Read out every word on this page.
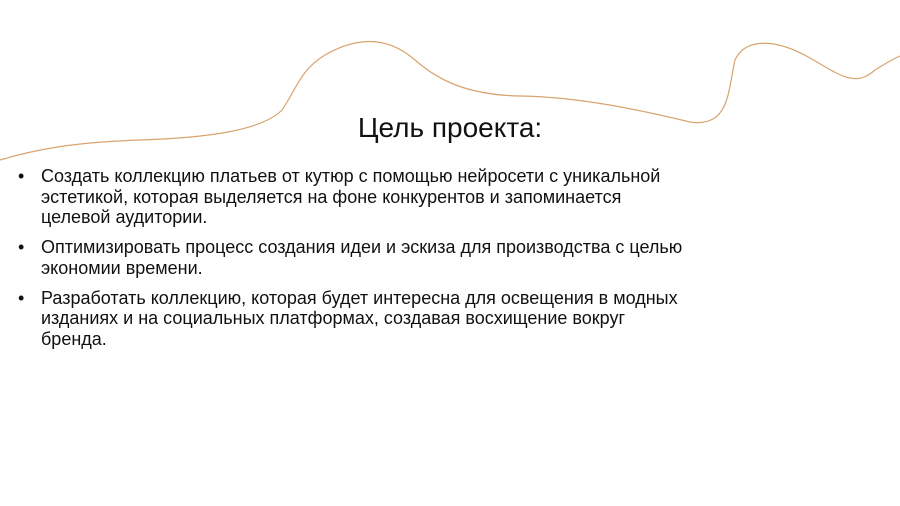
Цель проекта:
• Создать коллекцию платьев от кутюр с помощью нейросети с уникальной эстетикой, которая выделяется на фоне конкурентов и запоминается целевой аудитории.
• Оптимизировать процесс создания идеи и эскиза для производства с целью экономии времени.
• Разработать коллекцию, которая будет интересна для освещения в модных изданиях и на социальных платформах, создавая восхищение вокруг бренда.
